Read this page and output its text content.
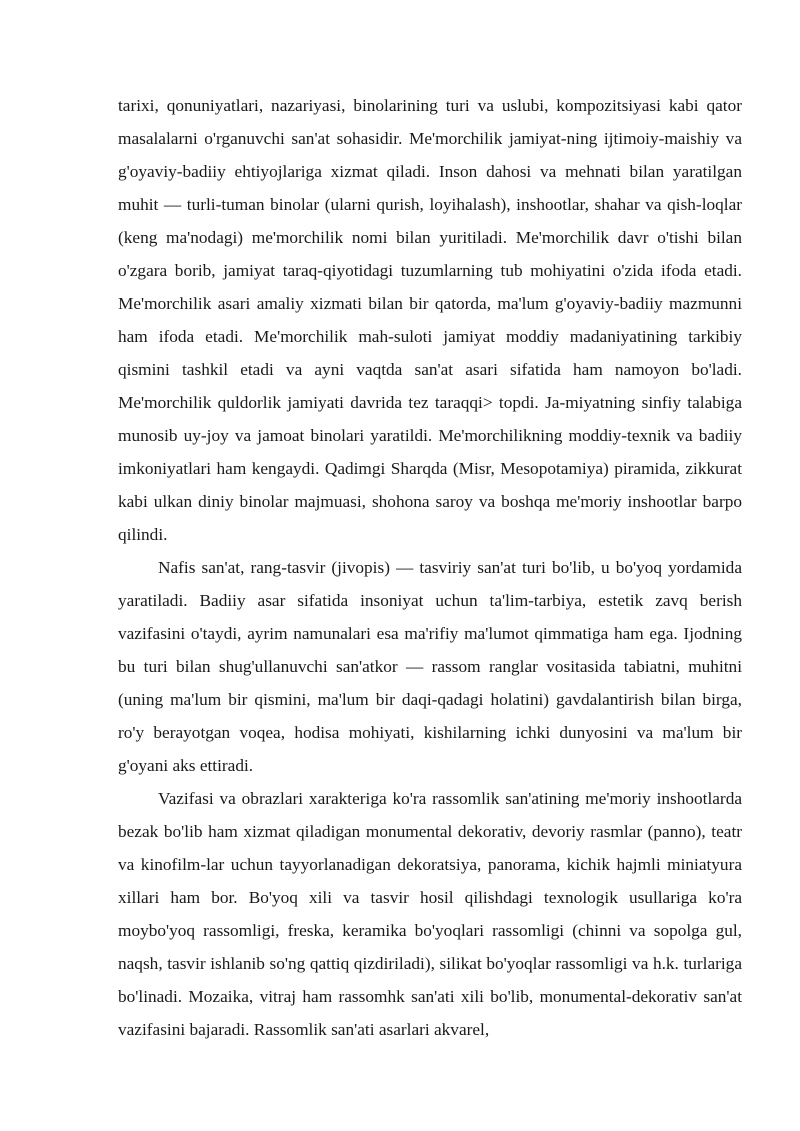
tarixi, qonuniyatlari, nazariyasi, binolarining turi va uslubi, kompozitsiyasi kabi qator masalalarni o'rganuvchi san'at sohasidir. Me'morchilik jamiyat-ning ijtimoiy-maishiy va g'oyaviy-badiiy ehtiyojlariga xizmat qiladi. Inson dahosi va mehnati bilan yaratilgan muhit — turli-tuman binolar (ularni qurish, loyihalash), inshootlar, shahar va qish-loqlar (keng ma'nodagi) me'morchilik nomi bilan yuritiladi. Me'morchilik davr o'tishi bilan o'zgara borib, jamiyat taraq-qiyotidagi tuzumlarning tub mohiyatini o'zida ifoda etadi. Me'morchilik asari amaliy xizmati bilan bir qatorda, ma'lum g'oyaviy-badiiy mazmunni ham ifoda etadi. Me'morchilik mah-suloti jamiyat moddiy madaniyatining tarkibiy qismini tashkil etadi va ayni vaqtda san'at asari sifatida ham namoyon bo'ladi. Me'morchilik quldorlik jamiyati davrida tez taraqqi> topdi. Ja-miyatning sinfiy talabiga munosib uy-joy va jamoat binolari yaratildi. Me'morchilikning moddiy-texnik va badiiy imkoniyatlari ham kengaydi. Qadimgi Sharqda (Misr, Mesopotamiya) piramida, zikkurat kabi ulkan diniy binolar majmuasi, shohona saroy va boshqa me'moriy inshootlar barpo qilindi.

Nafis san'at, rang-tasvir (jivopis) — tasviriy san'at turi bo'lib, u bo'yoq yordamida yaratiladi. Badiiy asar sifatida insoniyat uchun ta'lim-tarbiya, estetik zavq berish vazifasini o'taydi, ayrim namunalari esa ma'rifiy ma'lumot qimmatiga ham ega. Ijodning bu turi bilan shug'ullanuvchi san'atkor — rassom ranglar vositasida tabiatni, muhitni (uning ma'lum bir qismini, ma'lum bir daqi-qadagi holatini) gavdalantirish bilan birga, ro'y berayotgan voqea, hodisa mohiyati, kishilarning ichki dunyosini va ma'lum bir g'oyani aks ettiradi.

Vazifasi va obrazlari xarakteriga ko'ra rassomlik san'atining me'moriy inshootlarda bezak bo'lib ham xizmat qiladigan monumental dekorativ, devoriy rasmlar (panno), teatr va kinofilm-lar uchun tayyorlanadigan dekoratsiya, panorama, kichik hajmli miniatyura xillari ham bor. Bo'yoq xili va tasvir hosil qilishdagi texnologik usullariga ko'ra moybo'yoq rassomligi, freska, keramika bo'yoqlari rassomligi (chinni va sopolga gul, naqsh, tasvir ishlanib so'ng qattiq qizdiriladi), silikat bo'yoqlar rassomligi va h.k. turlariga bo'linadi. Mozaika, vitraj ham rassomhk san'ati xili bo'lib, monumental-dekorativ san'at vazifasini bajaradi. Rassomlik san'ati asarlari akvarel,
